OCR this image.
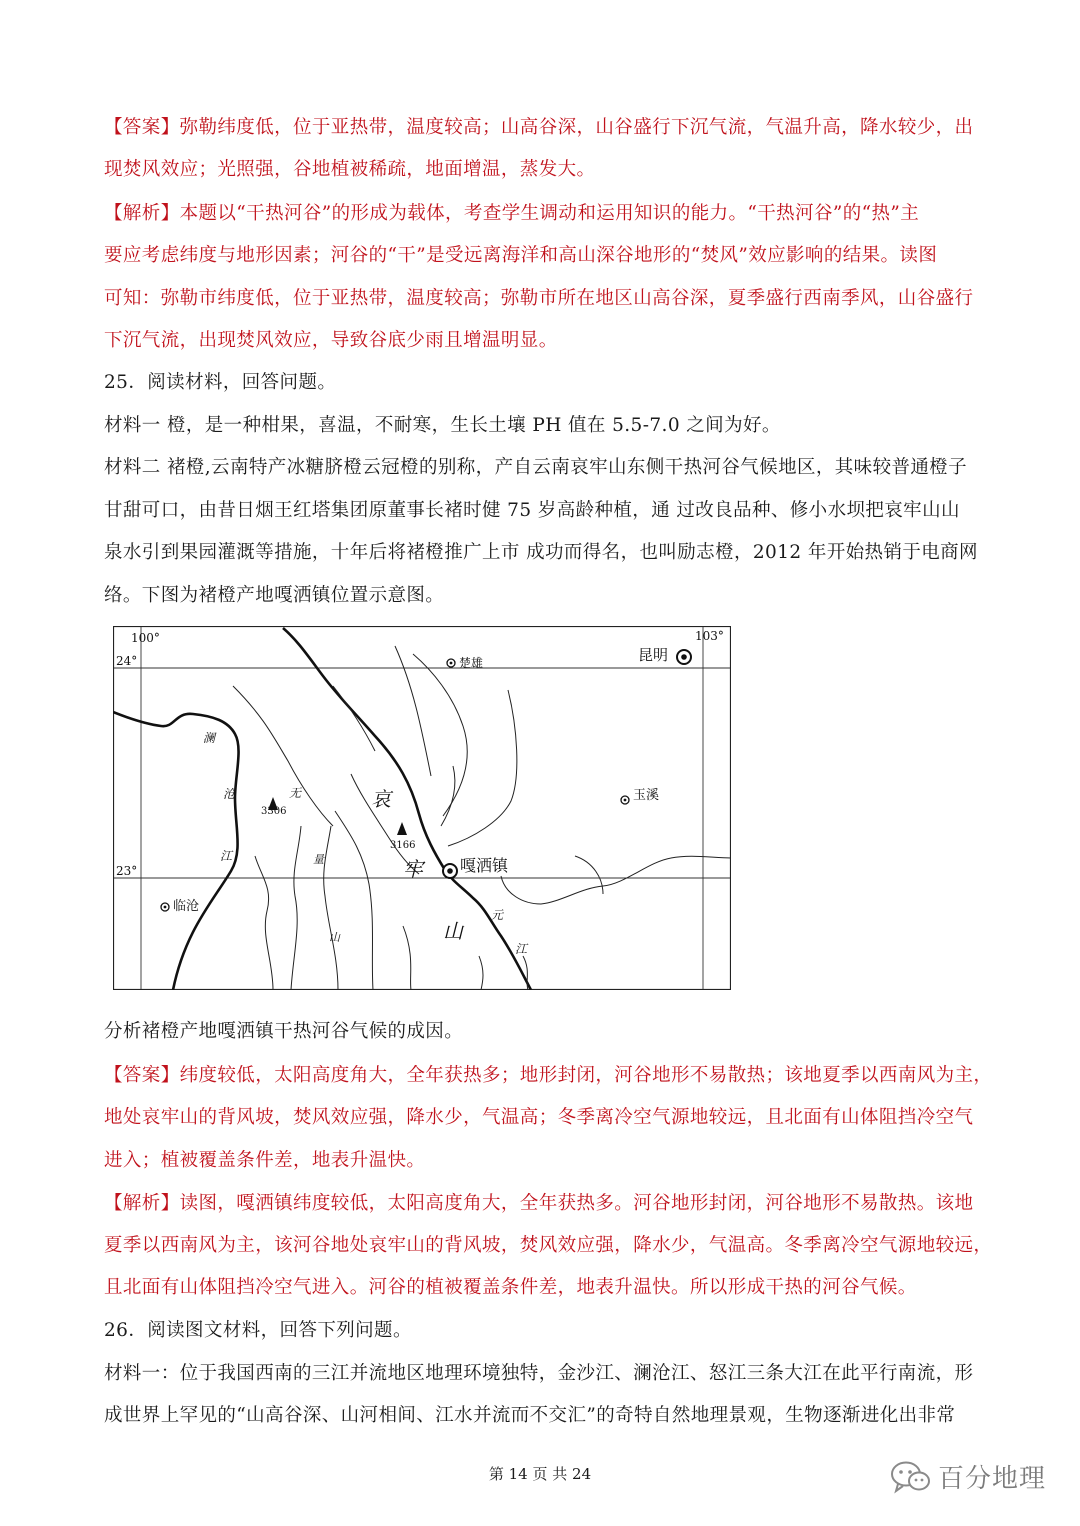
【答案】弥勒纬度低，位于亚热带，温度较高；山高谷深，山谷盛行下沉气流，气温升高，降水较少，出
现焚风效应；光照强，谷地植被稀疏，地面增温，蒸发大。
【解析】本题以“干热河谷”的形成为载体，考查学生调动和运用知识的能力。“干热河谷”的“热”主
要应考虑纬度与地形因素；河谷的“干”是受远离海洋和高山深谷地形的“焚风”效应影响的结果。读图
可知：弥勒市纬度低，位于亚热带，温度较高；弥勒市所在地区山高谷深，夏季盛行西南季风，山谷盛行
下沉气流，出现焚风效应，导致谷底少雨且增温明显。
25．阅读材料，回答问题。
材料一 橙，是一种柑果，喜温，不耐寒，生长土壤 PH 值在 5.5-7.0 之间为好。
材料二 褚橙,云南特产冰糖脐橙云冠橙的别称，产自云南哀牢山东侧干热河谷气候地区，其味较普通橙子
甘甜可口，由昔日烟王红塔集团原董事长褚时健 75 岁高龄种植，通 过改良品种、修小水坝把哀牢山山
泉水引到果园灌溉等措施，十年后将褚橙推广上市 成功而得名，也叫励志橙，2012 年开始热销于电商网
络。下图为褚橙产地嘎洒镇位置示意图。
100°	103°
24°
23°
楚雄	昆明
玉溪
嘎洒镇
临沧
3306
3166
澜
沧
江
无
量
山
哀
牢
山
元
江
分析褚橙产地嘎洒镇干热河谷气候的成因。
【答案】纬度较低，太阳高度角大，全年获热多；地形封闭，河谷地形不易散热；该地夏季以西南风为主，
地处哀牢山的背风坡，焚风效应强，降水少，气温高；冬季离冷空气源地较远，且北面有山体阻挡冷空气
进入；植被覆盖条件差，地表升温快。
【解析】读图，嘎洒镇纬度较低，太阳高度角大，全年获热多。河谷地形封闭，河谷地形不易散热。该地
夏季以西南风为主，该河谷地处哀牢山的背风坡，焚风效应强，降水少，气温高。冬季离冷空气源地较远，
且北面有山体阻挡冷空气进入。河谷的植被覆盖条件差，地表升温快。所以形成干热的河谷气候。
26．阅读图文材料，回答下列问题。
材料一：位于我国西南的三江并流地区地理环境独特，金沙江、澜沧江、怒江三条大江在此平行南流，形
成世界上罕见的“山高谷深、山河相间、江水并流而不交汇”的奇特自然地理景观，生物逐渐进化出非常
第 14 页 共 24	百分地理
